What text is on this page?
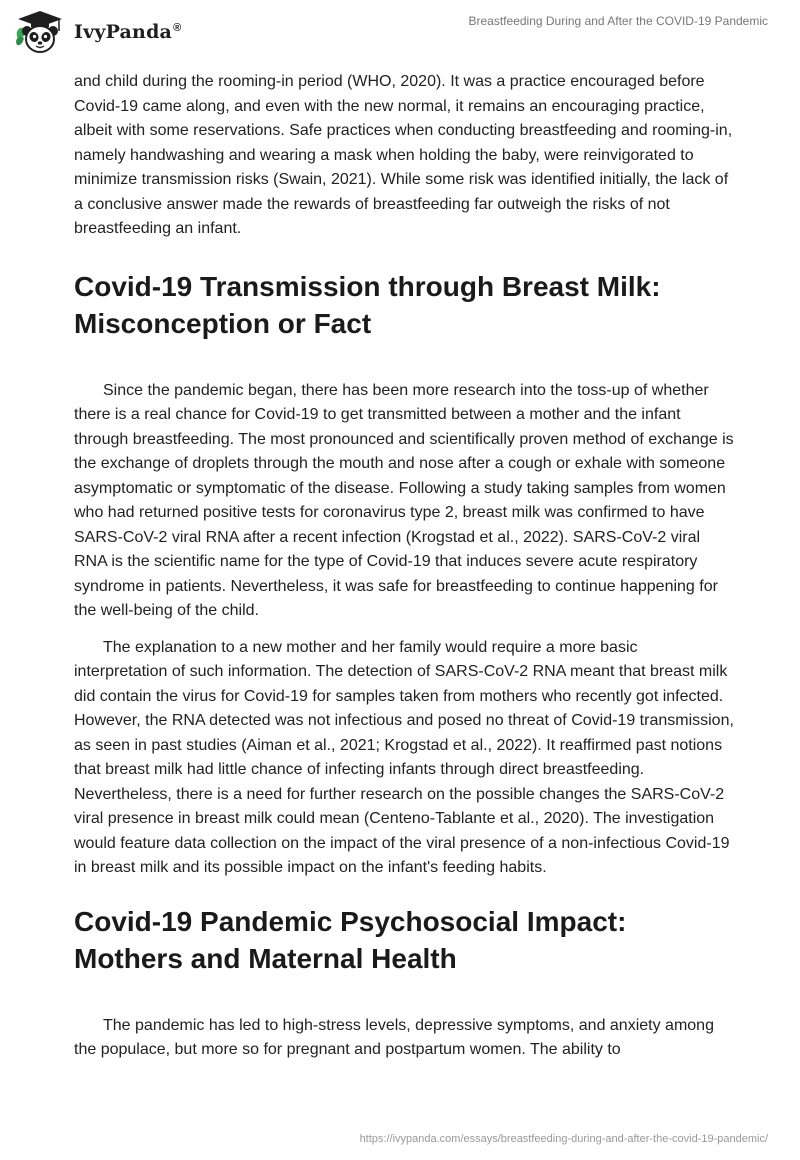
IvyPanda®	Breastfeeding During and After the COVID-19 Pandemic

and child during the rooming-in period (WHO, 2020). It was a practice encouraged before Covid-19 came along, and even with the new normal, it remains an encouraging practice, albeit with some reservations. Safe practices when conducting breastfeeding and rooming-in, namely handwashing and wearing a mask when holding the baby, were reinvigorated to minimize transmission risks (Swain, 2021). While some risk was identified initially, the lack of a conclusive answer made the rewards of breastfeeding far outweigh the risks of not breastfeeding an infant.

Covid-19 Transmission through Breast Milk: Misconception or Fact

Since the pandemic began, there has been more research into the toss-up of whether there is a real chance for Covid-19 to get transmitted between a mother and the infant through breastfeeding. The most pronounced and scientifically proven method of exchange is the exchange of droplets through the mouth and nose after a cough or exhale with someone asymptomatic or symptomatic of the disease. Following a study taking samples from women who had returned positive tests for coronavirus type 2, breast milk was confirmed to have SARS-CoV-2 viral RNA after a recent infection (Krogstad et al., 2022). SARS-CoV-2 viral RNA is the scientific name for the type of Covid-19 that induces severe acute respiratory syndrome in patients. Nevertheless, it was safe for breastfeeding to continue happening for the well-being of the child.

The explanation to a new mother and her family would require a more basic interpretation of such information. The detection of SARS-CoV-2 RNA meant that breast milk did contain the virus for Covid-19 for samples taken from mothers who recently got infected. However, the RNA detected was not infectious and posed no threat of Covid-19 transmission, as seen in past studies (Aiman et al., 2021; Krogstad et al., 2022). It reaffirmed past notions that breast milk had little chance of infecting infants through direct breastfeeding. Nevertheless, there is a need for further research on the possible changes the SARS-CoV-2 viral presence in breast milk could mean (Centeno-Tablante et al., 2020). The investigation would feature data collection on the impact of the viral presence of a non-infectious Covid-19 in breast milk and its possible impact on the infant's feeding habits.

Covid-19 Pandemic Psychosocial Impact: Mothers and Maternal Health

The pandemic has led to high-stress levels, depressive symptoms, and anxiety among the populace, but more so for pregnant and postpartum women. The ability to

https://ivypanda.com/essays/breastfeeding-during-and-after-the-covid-19-pandemic/
